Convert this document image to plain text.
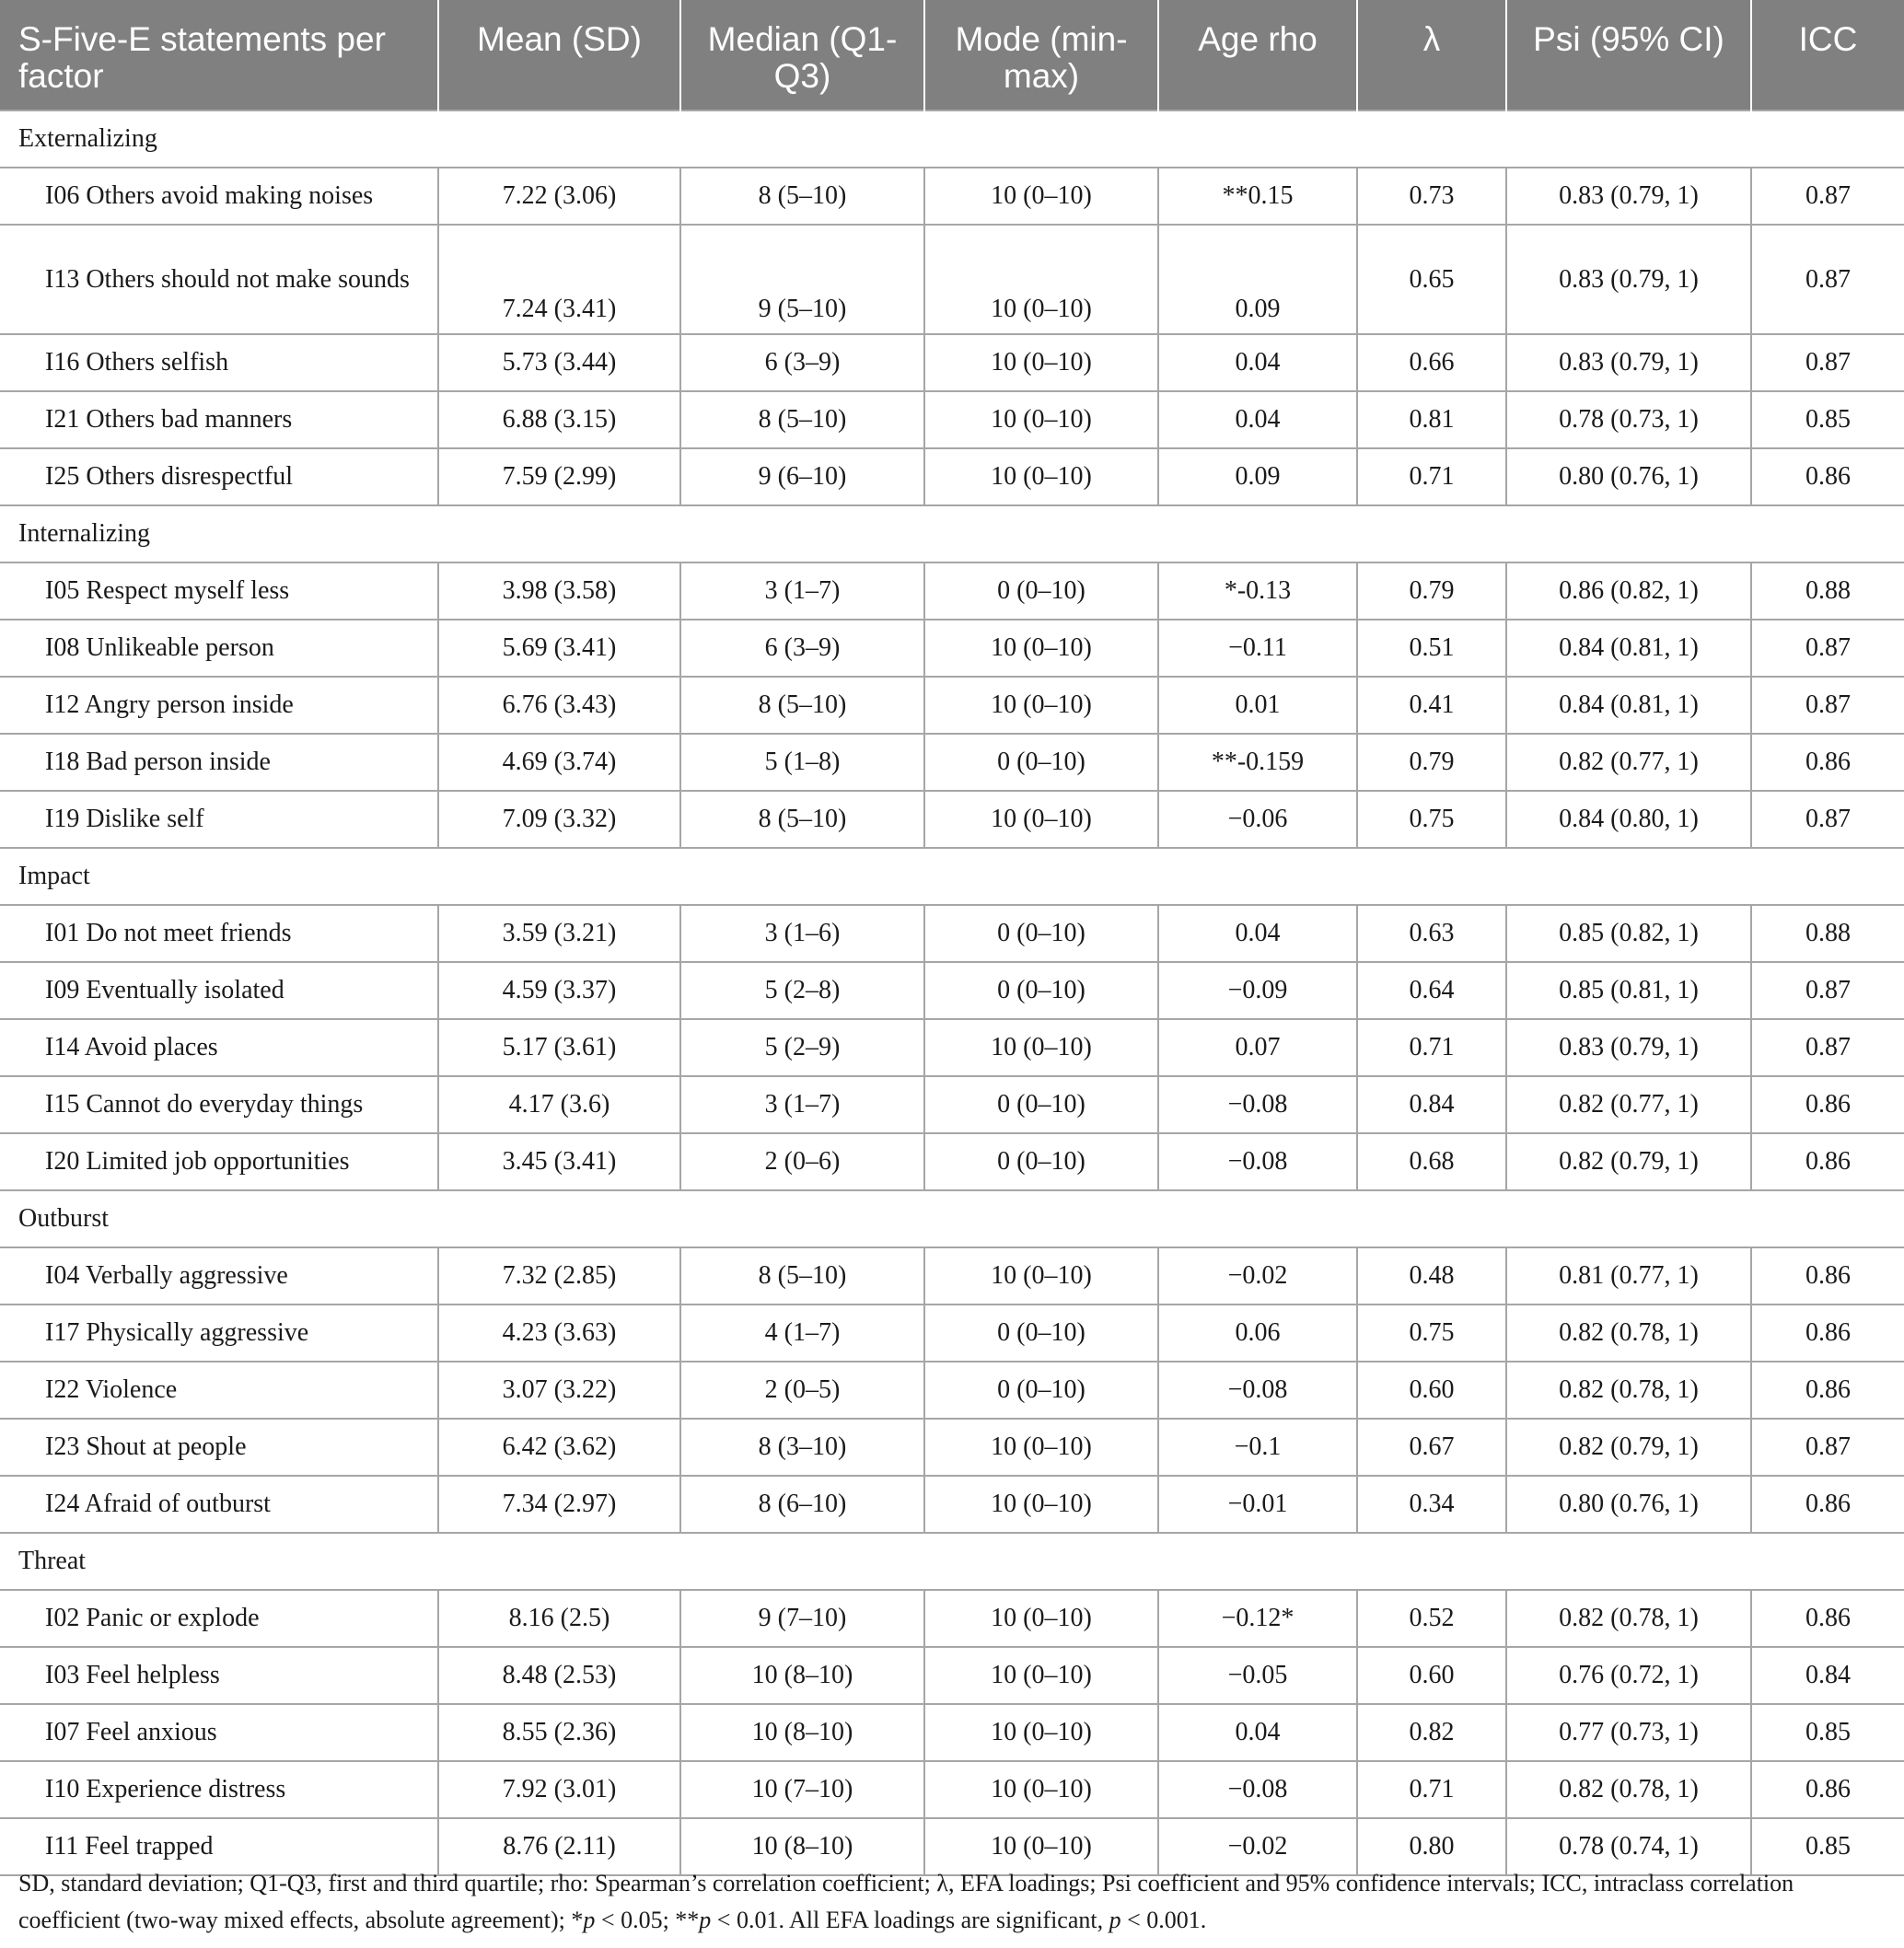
S-Five-E statements per factor	Mean (SD)	Median (Q1-Q3)	Mode (min-max)	Age rho	λ	Psi (95% CI)	ICC
Externalizing							
I06 Others avoid making noises	7.22 (3.06)	8 (5–10)	10 (0–10)	**0.15	0.73	0.83 (0.79, 1)	0.87
I13 Others should not make sounds	7.24 (3.41)	9 (5–10)	10 (0–10)	0.09	0.65	0.83 (0.79, 1)	0.87
I16 Others selfish	5.73 (3.44)	6 (3–9)	10 (0–10)	0.04	0.66	0.83 (0.79, 1)	0.87
I21 Others bad manners	6.88 (3.15)	8 (5–10)	10 (0–10)	0.04	0.81	0.78 (0.73, 1)	0.85
I25 Others disrespectful	7.59 (2.99)	9 (6–10)	10 (0–10)	0.09	0.71	0.80 (0.76, 1)	0.86
Internalizing							
I05 Respect myself less	3.98 (3.58)	3 (1–7)	0 (0–10)	*-0.13	0.79	0.86 (0.82, 1)	0.88
I08 Unlikeable person	5.69 (3.41)	6 (3–9)	10 (0–10)	−0.11	0.51	0.84 (0.81, 1)	0.87
I12 Angry person inside	6.76 (3.43)	8 (5–10)	10 (0–10)	0.01	0.41	0.84 (0.81, 1)	0.87
I18 Bad person inside	4.69 (3.74)	5 (1–8)	0 (0–10)	**-0.159	0.79	0.82 (0.77, 1)	0.86
I19 Dislike self	7.09 (3.32)	8 (5–10)	10 (0–10)	−0.06	0.75	0.84 (0.80, 1)	0.87
Impact							
I01 Do not meet friends	3.59 (3.21)	3 (1–6)	0 (0–10)	0.04	0.63	0.85 (0.82, 1)	0.88
I09 Eventually isolated	4.59 (3.37)	5 (2–8)	0 (0–10)	−0.09	0.64	0.85 (0.81, 1)	0.87
I14 Avoid places	5.17 (3.61)	5 (2–9)	10 (0–10)	0.07	0.71	0.83 (0.79, 1)	0.87
I15 Cannot do everyday things	4.17 (3.6)	3 (1–7)	0 (0–10)	−0.08	0.84	0.82 (0.77, 1)	0.86
I20 Limited job opportunities	3.45 (3.41)	2 (0–6)	0 (0–10)	−0.08	0.68	0.82 (0.79, 1)	0.86
Outburst							
I04 Verbally aggressive	7.32 (2.85)	8 (5–10)	10 (0–10)	−0.02	0.48	0.81 (0.77, 1)	0.86
I17 Physically aggressive	4.23 (3.63)	4 (1–7)	0 (0–10)	0.06	0.75	0.82 (0.78, 1)	0.86
I22 Violence	3.07 (3.22)	2 (0–5)	0 (0–10)	−0.08	0.60	0.82 (0.78, 1)	0.86
I23 Shout at people	6.42 (3.62)	8 (3–10)	10 (0–10)	−0.1	0.67	0.82 (0.79, 1)	0.87
I24 Afraid of outburst	7.34 (2.97)	8 (6–10)	10 (0–10)	−0.01	0.34	0.80 (0.76, 1)	0.86
Threat							
I02 Panic or explode	8.16 (2.5)	9 (7–10)	10 (0–10)	−0.12*	0.52	0.82 (0.78, 1)	0.86
I03 Feel helpless	8.48 (2.53)	10 (8–10)	10 (0–10)	−0.05	0.60	0.76 (0.72, 1)	0.84
I07 Feel anxious	8.55 (2.36)	10 (8–10)	10 (0–10)	0.04	0.82	0.77 (0.73, 1)	0.85
I10 Experience distress	7.92 (3.01)	10 (7–10)	10 (0–10)	−0.08	0.71	0.82 (0.78, 1)	0.86
I11 Feel trapped	8.76 (2.11)	10 (8–10)	10 (0–10)	−0.02	0.80	0.78 (0.74, 1)	0.85
SD, standard deviation; Q1-Q3, first and third quartile; rho: Spearman’s correlation coefficient; λ, EFA loadings; Psi coefficient and 95% confidence intervals; ICC, intraclass correlation coefficient (two-way mixed effects, absolute agreement); *p < 0.05; **p < 0.01. All EFA loadings are significant, p < 0.001.
